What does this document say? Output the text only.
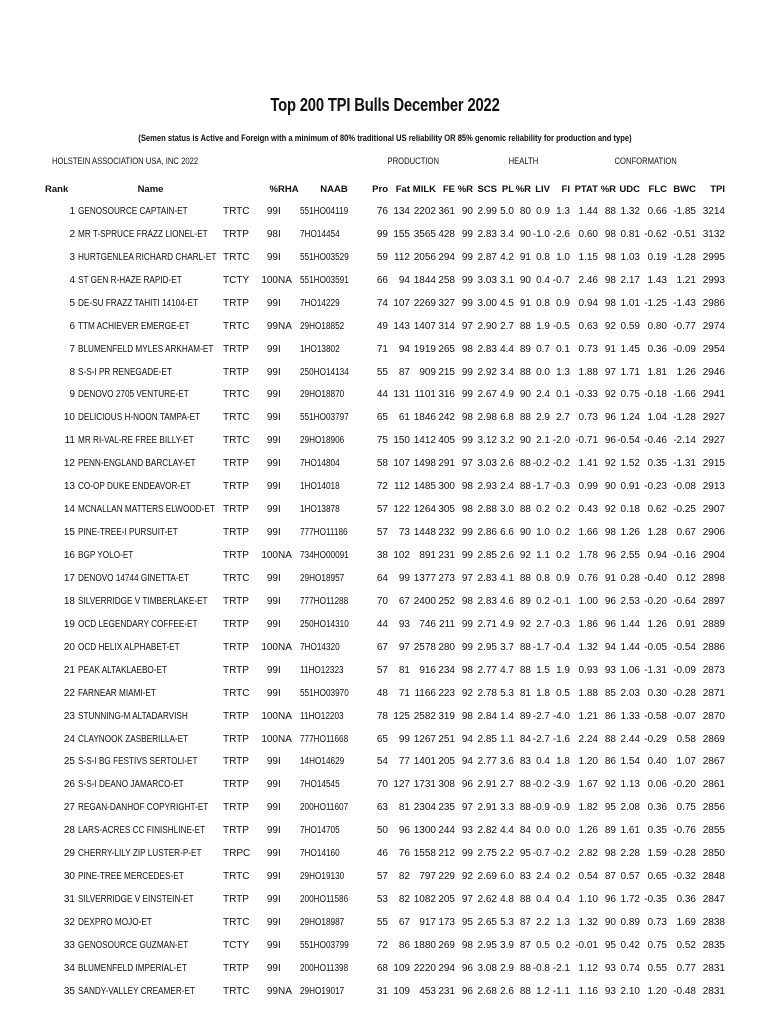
Top 200 TPI Bulls December 2022
(Semen status is Active and Foreign with a minimum of 80% traditional US reliability OR 85% genomic reliability for production and type)
HOLSTEIN ASSOCIATION USA, INC 2022	PRODUCTION	HEALTH	CONFORMATION
Rank	Name		%	RHA	NAAB	Pro	Fat	MILK	FE	%R	SCS	PL	%R	LIV	FI	PTAT	%R	UDC	FLC	BWC	TPI
1	GENOSOURCE CAPTAIN-ET	TRTC	99	I	551HO04119	76	134	2202	361	90	2.99	5.0	80	0.9	1.3	1.44	88	1.32	0.66	-1.85	3214
2	MR T-SPRUCE FRAZZ LIONEL-ET	TRTP	98	I	7HO14454	99	155	3565	428	99	2.83	3.4	90	-1.0	-2.6	0.60	98	0.81	-0.62	-0.51	3132
3	HURTGENLEA RICHARD CHARL-ET	TRTC	99	I	551HO03529	59	112	2056	294	99	2.87	4.2	91	0.8	1.0	1.15	98	1.03	0.19	-1.28	2995
4	ST GEN R-HAZE RAPID-ET	TCTY	100	NA	551HO03591	66	94	1844	258	99	3.03	3.1	90	0.4	-0.7	2.46	98	2.17	1.43	1.21	2993
5	DE-SU FRAZZ TAHITI 14104-ET	TRTP	99	I	7HO14229	74	107	2269	327	99	3.00	4.5	91	0.8	0.9	0.94	98	1.01	-1.25	-1.43	2986
6	TTM ACHIEVER EMERGE-ET	TRTC	99	NA	29HO18852	49	143	1407	314	97	2.90	2.7	88	1.9	-0.5	0.63	92	0.59	0.80	-0.77	2974
7	BLUMENFELD MYLES ARKHAM-ET	TRTP	99	I	1HO13802	71	94	1919	265	98	2.83	4.4	89	0.7	0.1	0.73	91	1.45	0.36	-0.09	2954
8	S-S-I PR RENEGADE-ET	TRTP	99	I	250HO14134	55	87	909	215	99	2.92	3.4	88	0.0	1.3	1.88	97	1.71	1.81	1.26	2946
9	DENOVO 2705 VENTURE-ET	TRTC	99	I	29HO18870	44	131	1101	316	99	2.67	4.9	90	2.4	0.1	-0.33	92	0.75	-0.18	-1.66	2941
10	DELICIOUS H-NOON TAMPA-ET	TRTC	99	I	551HO03797	65	61	1846	242	98	2.98	6.8	88	2.9	2.7	0.73	96	1.24	1.04	-1.28	2927
11	MR RI-VAL-RE FREE BILLY-ET	TRTC	99	I	29HO18906	75	150	1412	405	99	3.12	3.2	90	2.1	-2.0	-0.71	96	-0.54	-0.46	-2.14	2927
12	PENN-ENGLAND BARCLAY-ET	TRTP	99	I	7HO14804	58	107	1498	291	97	3.03	2.6	88	-0.2	-0.2	1.41	92	1.52	0.35	-1.31	2915
13	CO-OP DUKE ENDEAVOR-ET	TRTP	99	I	1HO14018	72	112	1485	300	98	2.93	2.4	88	-1.7	-0.3	0.99	90	0.91	-0.23	-0.08	2913
14	MCNALLAN MATTERS ELWOOD-ET	TRTP	99	I	1HO13878	57	122	1264	305	98	2.88	3.0	88	0.2	0.2	0.43	92	0.18	0.62	-0.25	2907
15	PINE-TREE-I PURSUIT-ET	TRTP	99	I	777HO11186	57	73	1448	232	99	2.86	6.6	90	1.0	0.2	1.66	98	1.26	1.28	0.67	2906
16	BGP YOLO-ET	TRTP	100	NA	734HO00091	38	102	891	231	99	2.85	2.6	92	1.1	0.2	1.78	96	2.55	0.94	-0.16	2904
17	DENOVO 14744 GINETTA-ET	TRTC	99	I	29HO18957	64	99	1377	273	97	2.83	4.1	88	0.8	0.9	0.76	91	0.28	-0.40	0.12	2898
18	SILVERRIDGE V TIMBERLAKE-ET	TRTP	99	I	777HO11288	70	67	2400	252	98	2.83	4.6	89	0.2	-0.1	1.00	96	2.53	-0.20	-0.64	2897
19	OCD LEGENDARY COFFEE-ET	TRTP	99	I	250HO14310	44	93	746	211	99	2.71	4.9	92	2.7	-0.3	1.86	96	1.44	1.26	0.91	2889
20	OCD HELIX ALPHABET-ET	TRTP	100	NA	7HO14320	67	97	2578	280	99	2.95	3.7	88	-1.7	-0.4	1.32	94	1.44	-0.05	-0.54	2886
21	PEAK ALTAKLAEBO-ET	TRTP	99	I	11HO12323	57	81	916	234	98	2.77	4.7	88	1.5	1.9	0.93	93	1.06	-1.31	-0.09	2873
22	FARNEAR MIAMI-ET	TRTC	99	I	551HO03970	48	71	1166	223	92	2.78	5.3	81	1.8	0.5	1.88	85	2.03	0.30	-0.28	2871
23	STUNNING-M ALTADARVISH	TRTP	100	NA	11HO12203	78	125	2582	319	98	2.84	1.4	89	-2.7	-4.0	1.21	86	1.33	-0.58	-0.07	2870
24	CLAYNOOK ZASBERILLA-ET	TRTP	100	NA	777HO11668	65	99	1267	251	94	2.85	1.1	84	-2.7	-1.6	2.24	88	2.44	-0.29	0.58	2869
25	S-S-I BG FESTIVS SERTOLI-ET	TRTP	99	I	14HO14629	54	77	1401	205	94	2.77	3.6	83	0.4	1.8	1.20	86	1.54	0.40	1.07	2867
26	S-S-I DEANO JAMARCO-ET	TRTP	99	I	7HO14545	70	127	1731	308	96	2.91	2.7	88	-0.2	-3.9	1.67	92	1.13	0.06	-0.20	2861
27	REGAN-DANHOF COPYRIGHT-ET	TRTP	99	I	200HO11607	63	81	2304	235	97	2.91	3.3	88	-0.9	-0.9	1.82	95	2.08	0.36	0.75	2856
28	LARS-ACRES CC FINISHLINE-ET	TRTP	99	I	7HO14705	50	96	1300	244	93	2.82	4.4	84	0.0	0.0	1.26	89	1.61	0.35	-0.76	2855
29	CHERRY-LILY ZIP LUSTER-P-ET	TRPC	99	I	7HO14160	46	76	1558	212	99	2.75	2.2	95	-0.7	-0.2	2.82	98	2.28	1.59	-0.28	2850
30	PINE-TREE MERCEDES-ET	TRTC	99	I	29HO19130	57	82	797	229	92	2.69	6.0	83	2.4	0.2	0.54	87	0.57	0.65	-0.32	2848
31	SILVERRIDGE V EINSTEIN-ET	TRTP	99	I	200HO11586	53	82	1082	205	97	2.62	4.8	88	0.4	0.4	1.10	96	1.72	-0.35	0.36	2847
32	DEXPRO MOJO-ET	TRTC	99	I	29HO18987	55	67	917	173	95	2.65	5.3	87	2.2	1.3	1.32	90	0.89	0.73	1.69	2838
33	GENOSOURCE GUZMAN-ET	TCTY	99	I	551HO03799	72	86	1880	269	98	2.95	3.9	87	0.5	0.2	-0.01	95	0.42	0.75	0.52	2835
34	BLUMENFELD IMPERIAL-ET	TRTP	99	I	200HO11398	68	109	2220	294	96	3.08	2.9	88	-0.8	-2.1	1.12	93	0.74	0.55	0.77	2831
35	SANDY-VALLEY CREAMER-ET	TRTC	99	NA	29HO19017	31	109	453	231	96	2.68	2.6	88	1.2	-1.1	1.16	93	2.10	1.20	-0.48	2831
